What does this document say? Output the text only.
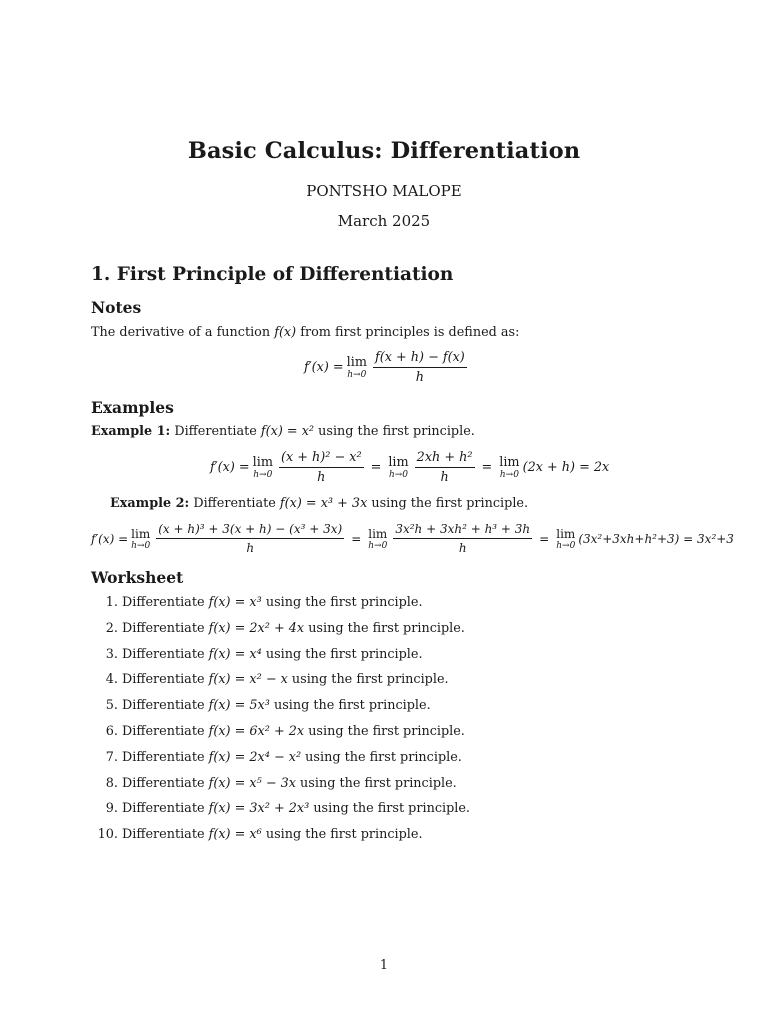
Basic Calculus: Differentiation
PONTSHO MALOPE
March 2025
1. First Principle of Differentiation
Notes
The derivative of a function f(x) from first principles is defined as:
f′(x) = lim
$h\to 0 \frac{f(x + h) - f(x)}{h}$
Examples
Example 1: Differentiate f(x) = x² using the first principle.
f′(x) = lim
$h\to 0 \frac{\text{(x + h)² − x²}}{h} = \lim$
$h\to 0 \frac{\text{2xh + h²}}{h} = \lim$
h→0 (2x + h) = 2x
Example 2: Differentiate f(x) = x³ + 3x using the first principle.
f′(x) = lim
$h\to 0 \frac{\text{(x + h)³ + 3(x + h) − (x³ + 3x)}}{h} = \lim$
$h\to 0 \frac{\text{3x²h + 3xh² + h³ + 3h}}{h} = \lim$
h→0 (3x²+3xh+h²+3) = 3x²+3
Worksheet
1. Differentiate f(x) = x³ using the first principle.
2. Differentiate f(x) = 2x² + 4x using the first principle.
3. Differentiate f(x) = x⁴ using the first principle.
4. Differentiate f(x) = x² − x using the first principle.
5. Differentiate f(x) = 5x³ using the first principle.
6. Differentiate f(x) = 6x² + 2x using the first principle.
7. Differentiate f(x) = 2x⁴ − x² using the first principle.
8. Differentiate f(x) = x⁵ − 3x using the first principle.
9. Differentiate f(x) = 3x² + 2x³ using the first principle.
10. Differentiate f(x) = x⁶ using the first principle.
1
